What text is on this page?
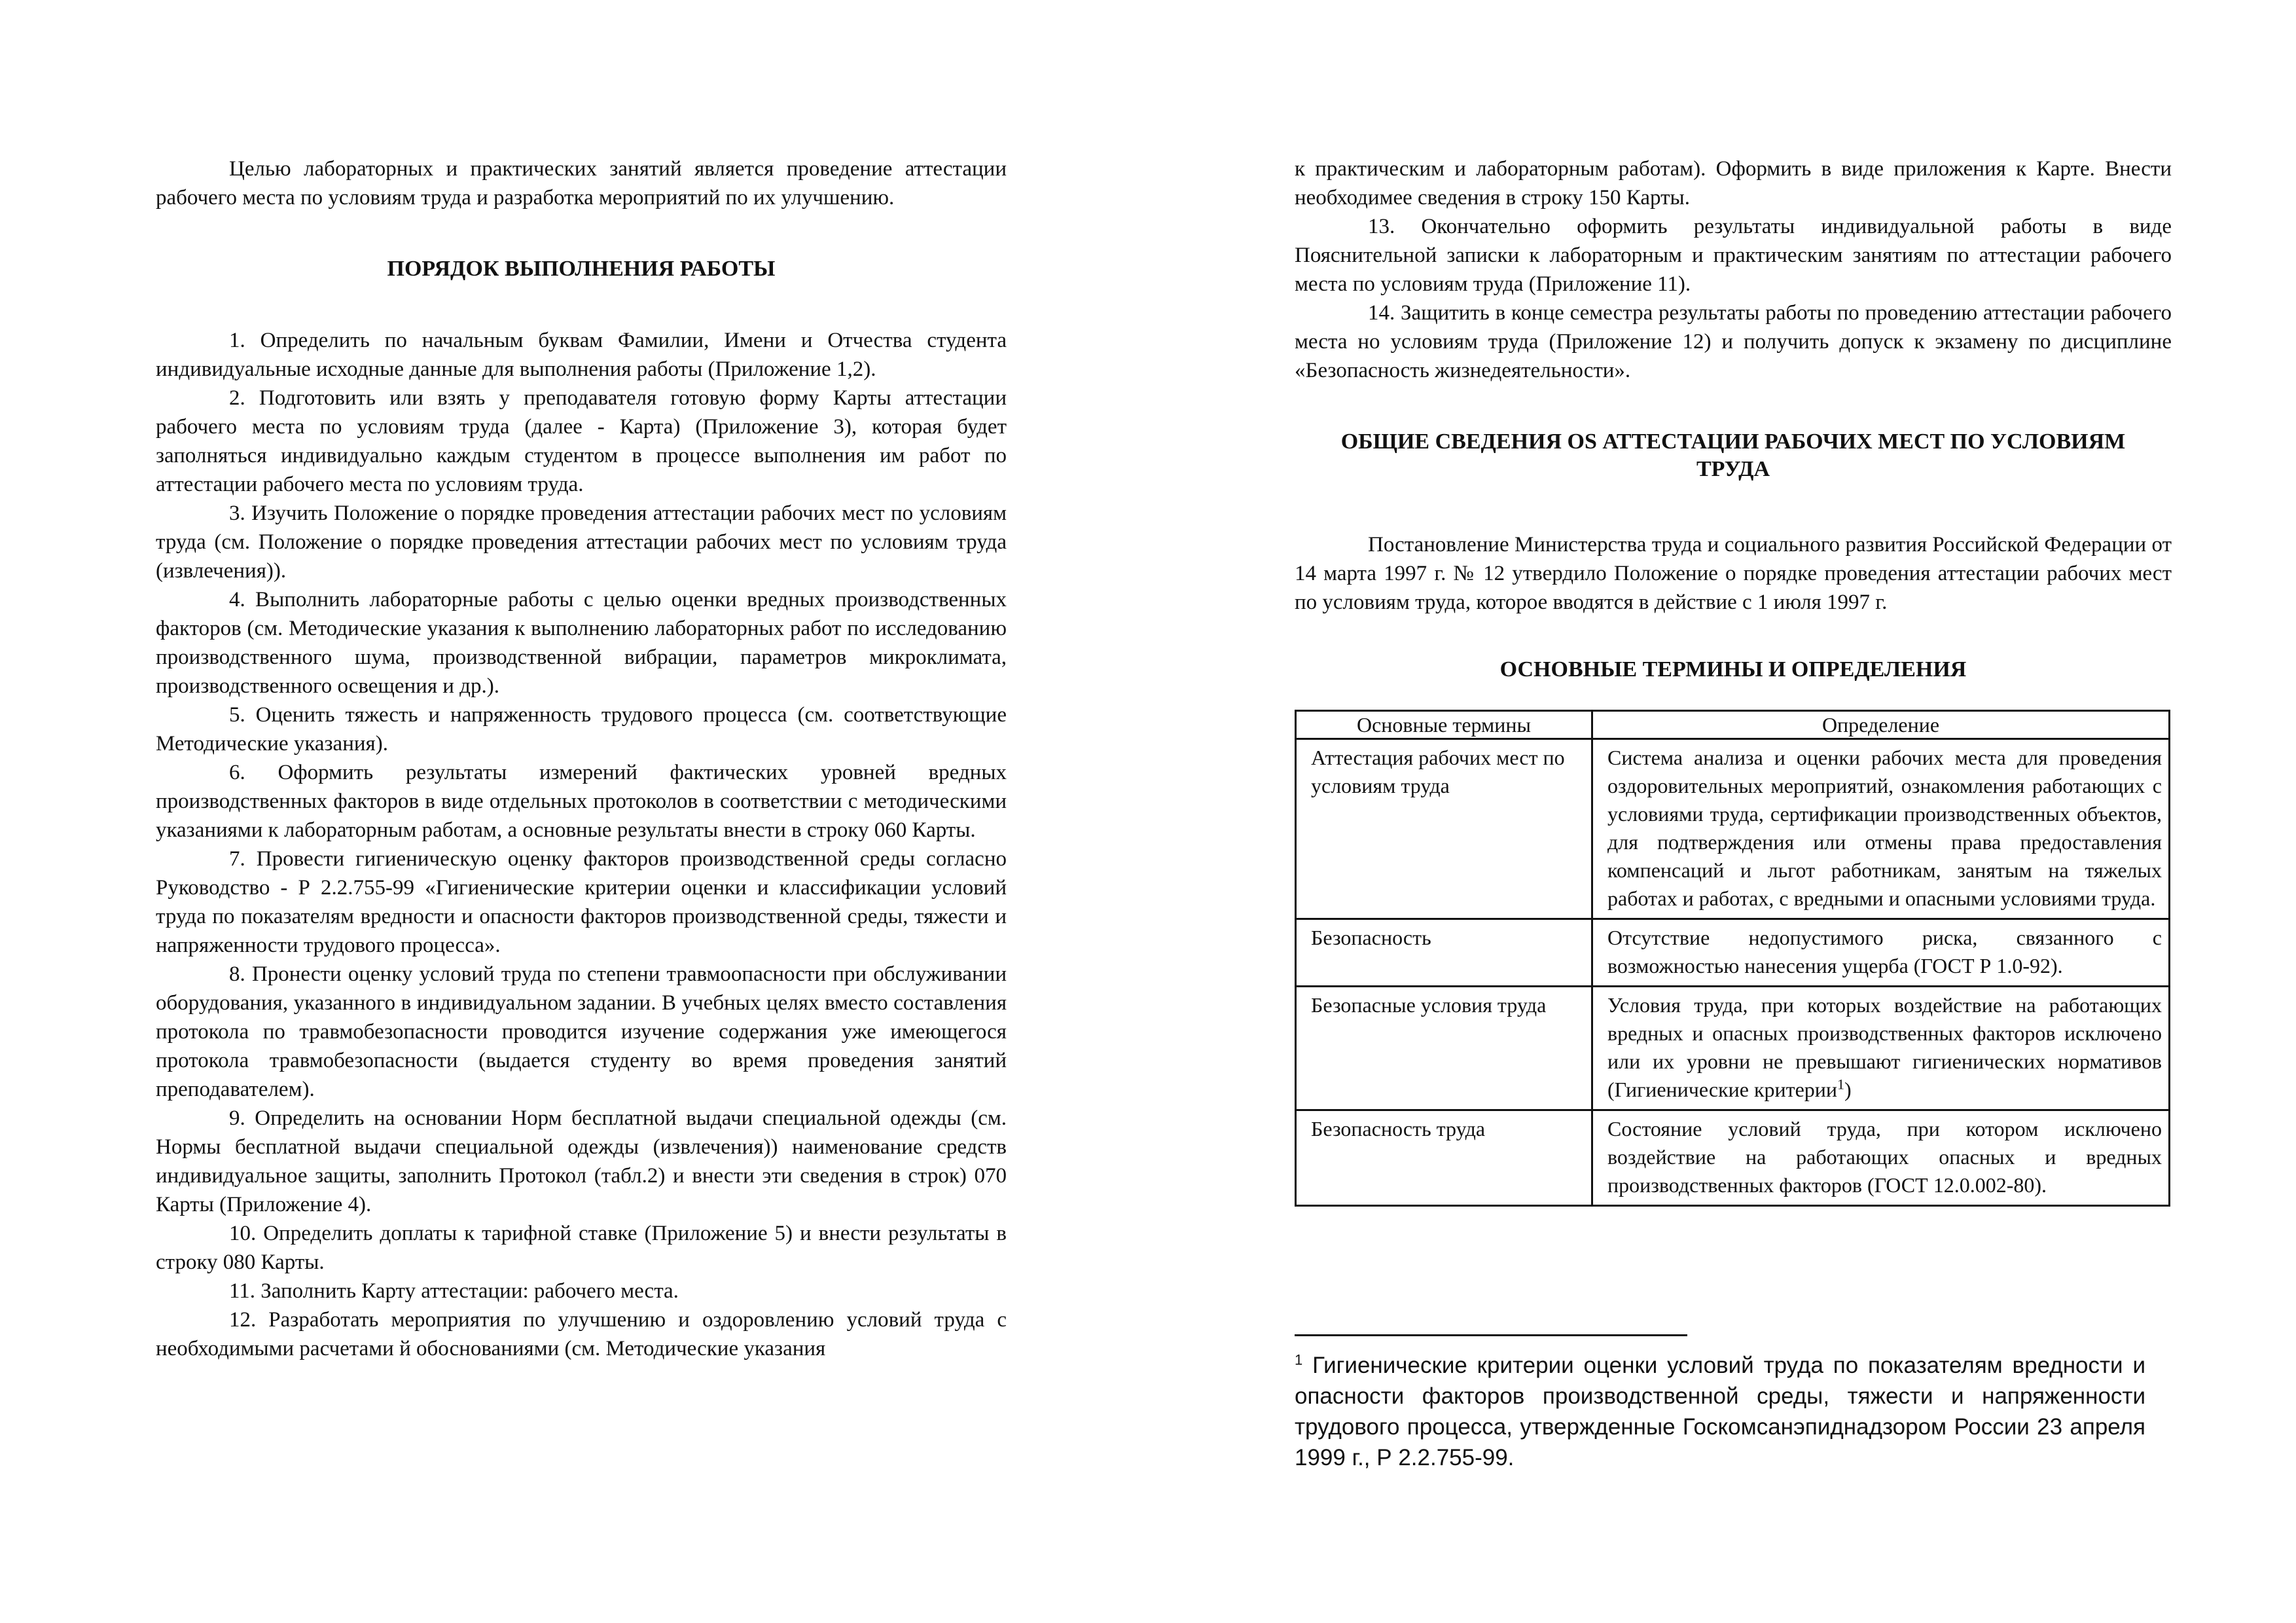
Целью лабораторных и практических занятий является проведение аттестации рабочего места по условиям труда и разработка мероприятий по их улучшению.

ПОРЯДОК ВЫПОЛНЕНИЯ РАБОТЫ

1. Определить по начальным буквам Фамилии, Имени и Отчества студента индивидуальные исходные данные для выполнения работы (Приложение 1,2).

2. Подготовить или взять у преподавателя готовую форму Карты аттестации рабочего места по условиям труда (далее - Карта) (Приложение 3), которая будет заполняться индивидуально каждым студентом в процессе выполнения им работ по аттестации рабочего места по условиям труда.

3. Изучить Положение о порядке проведения аттестации рабочих мест по условиям труда (см. Положение о порядке проведения аттестации рабочих мест по условиям труда (извлечения)).

4. Выполнить лабораторные работы с целью оценки вредных производственных факторов (см. Методические указания к выполнению лабораторных работ по исследованию производственного шума, производственной вибрации, параметров микроклимата, производственного освещения и др.).

5. Оценить тяжесть и напряженность трудового процесса (см. соответствующие Методические указания).

6. Оформить результаты измерений фактических уровней вредных производственных факторов в виде отдельных протоколов в соответствии с методическими указаниями к лабораторным работам, а основные результаты внести в строку 060 Карты.

7. Провести гигиеническую оценку факторов производственной среды согласно Руководство - Р 2.2.755-99 «Гигиенические критерии оценки и классификации условий труда по показателям вредности и опасности факторов производственной среды, тяжести и напряженности трудового процесса».

8. Пронести оценку условий труда по степени травмоопасности при обслуживании оборудования, указанного в индивидуальном задании. В учебных целях вместо составления протокола по травмобезопасности проводится изучение содержания уже имеющегося протокола травмобезопасности (выдается студенту во время проведения занятий преподавателем).

9. Определить на основании Норм бесплатной выдачи специальной одежды (см. Нормы бесплатной выдачи специальной одежды (извлечения)) наименование средств индивидуальное защиты, заполнить Протокол (табл.2) и внести эти сведения в строк) 070 Карты (Приложение 4).

10. Определить доплаты к тарифной ставке (Приложение 5) и внести результаты в строку 080 Карты.

11. Заполнить Карту аттестации: рабочего места.

12. Разработать мероприятия по улучшению и оздоровлению условий труда с необходимыми расчетами й обоснованиями (см. Методические указания

к практическим и лабораторным работам). Оформить в виде приложения к Карте. Внести необходимее сведения в строку 150 Карты.

13. Окончательно оформить результаты индивидуальной работы в виде Пояснительной записки к лабораторным и практическим занятиям по аттестации рабочего места по условиям труда (Приложение 11).

14. Защитить в конце семестра результаты работы по проведению аттестации рабочего места но условиям труда (Приложение 12) и получить допуск к экзамену по дисциплине «Безопасность жизнедеятельности».

ОБЩИЕ СВЕДЕНИЯ OS АТТЕСТАЦИИ РАБОЧИХ МЕСТ ПО УСЛОВИЯМ ТРУДА

Постановление Министерства труда и социального развития Российской Федерации от 14 марта 1997 г. № 12 утвердило Положение о порядке проведения аттестации рабочих мест по условиям труда, которое вводятся в действие с 1 июля 1997 г.

ОСНОВНЫЕ ТЕРМИНЫ И ОПРЕДЕЛЕНИЯ
Основные термины	Определение
Аттестация рабочих мест по условиям труда	Система анализа и оценки рабочих места для проведения оздоровительных мероприятий, ознакомления работающих с условиями труда, сертификации производственных объектов, для подтверждения или отмены права предоставления компенсаций и льгот работникам, занятым на тяжелых работах и работах, с вредными и опасными условиями труда.
Безопасность	Отсутствие недопустимого риска, связанного с возможностью нанесения ущерба (ГОСТ Р 1.0-92).
Безопасные условия труда	Условия труда, при которых воздействие на работающих вредных и опасных производственных факторов исключено или их уровни не превышают гигиенических нормативов (Гигиенические критерии$^1$)
Безопасность труда	Состояние условий труда, при котором исключено воздействие на работающих опасных и вредных производственных факторов (ГОСТ 12.0.002-80).

$^1$ Гигиенические критерии оценки условий труда по показателям вредности и опасности факторов производственной среды, тяжести и напряженности трудового процесса, утвержденные Госкомсанэпиднадзором России 23 апреля 1999 г., Р 2.2.755-99.
